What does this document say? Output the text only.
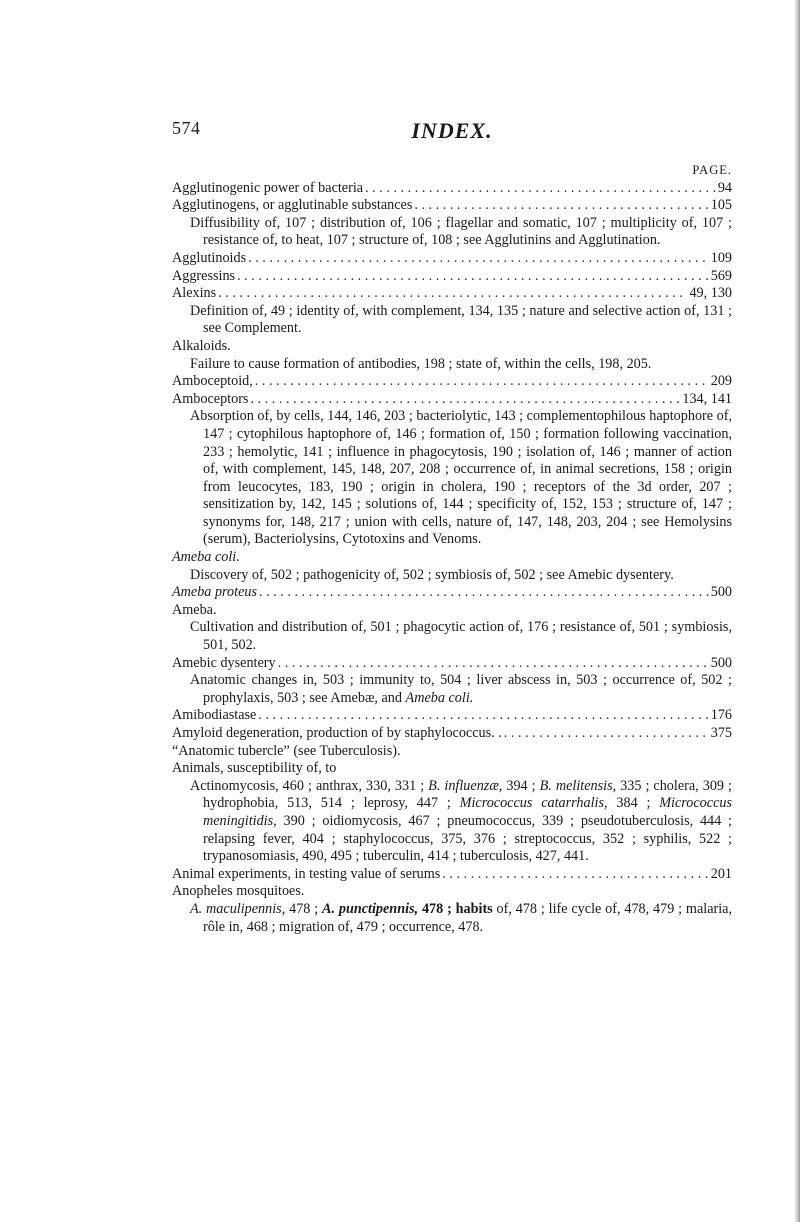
574	INDEX.
PAGE.
Agglutinogenic power of bacteria . . .	94
Agglutinogens, or agglutinable substances . . .	105
Diffusibility of, 107 ; distribution of, 106 ; flagellar and somatic, 107 ; multiplicity of, 107 ; resistance of, to heat, 107 ; structure of, 108 ; see Agglutinins and Agglutination.
Agglutinoids . . .	109
Aggressins . . .	569
Alexins . . .	49, 130
Definition of, 49 ; identity of, with complement, 134, 135 ; nature and selective action of, 131 ; see Complement.
Alkaloids.
Failure to cause formation of antibodies, 198 ; state of, within the cells, 198, 205.
Amboceptoid, . . .	209
Amboceptors . . .	134, 141
Absorption of, by cells, 144, 146, 203 ; bacteriolytic, 143 ; complementophilous haptophore of, 147 ; cytophilous haptophore of, 146 ; formation of, 150 ; formation following vaccination, 233 ; hemolytic, 141 ; influence in phagocytosis, 190 ; isolation of, 146 ; manner of action of, with complement, 145, 148, 207, 208 ; occurrence of, in animal secretions, 158 ; origin from leucocytes, 183, 190 ; origin in cholera, 190 ; receptors of the 3d order, 207 ; sensitization by, 142, 145 ; solutions of, 144 ; specificity of, 152, 153 ; structure of, 147 ; synonyms for, 148, 217 ; union with cells, nature of, 147, 148, 203, 204 ; see Hemolysins (serum), Bacteriolysins, Cytotoxins and Venoms.
Ameba coli.
Discovery of, 502 ; pathogenicity of, 502 ; symbiosis of, 502 ; see Amebic dysentery.
Ameba proteus . . .	500
Ameba.
Cultivation and distribution of, 501 ; phagocytic action of, 176 ; resistance of, 501 ; symbiosis, 501, 502.
Amebic dysentery . . .	500
Anatomic changes in, 503 ; immunity to, 504 ; liver abscess in, 503 ; occurrence of, 502 ; prophylaxis, 503 ; see Amebæ, and Ameba coli.
Amibodiastase . . .	176
Amyloid degeneration, production of by staphylococcus. . . . .	375
“Anatomic tubercle” (see Tuberculosis).
Animals, susceptibility of, to
Actinomycosis, 460 ; anthrax, 330, 331 ; B. influenzæ, 394 ; B. melitensis, 335 ; cholera, 309 ; hydrophobia, 513, 514 ; leprosy, 447 ; Micrococcus catarrhalis, 384 ; Micrococcus meningitidis, 390 ; oidiomycosis, 467 ; pneumococcus, 339 ; pseudotuberculosis, 444 ; relapsing fever, 404 ; staphylococcus, 375, 376 ; streptococcus, 352 ; syphilis, 522 ; trypanosomiasis, 490, 495 ; tuberculin, 414 ; tuberculosis, 427, 441.
Animal experiments, in testing value of serums . . .	201
Anopheles mosquitoes.
A. maculipennis, 478 ; A. punctipennis, 478 ; habits of, 478 ; life cycle of, 478, 479 ; malaria, rôle in, 468 ; migration of, 479 ; occurrence, 478.
